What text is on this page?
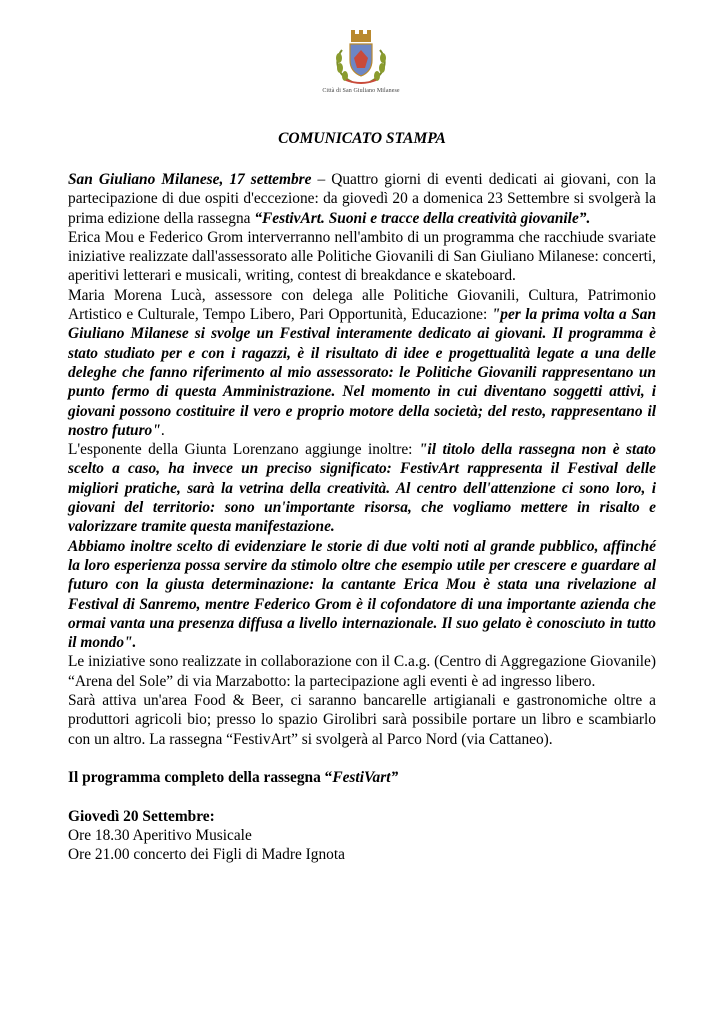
Città di San Giuliano Milanese
COMUNICATO STAMPA

San Giuliano Milanese, 17 settembre – Quattro giorni di eventi dedicati ai giovani, con la partecipazione di due ospiti d'eccezione: da giovedì 20 a domenica 23 Settembre si svolgerà la prima edizione della rassegna “FestivArt. Suoni e tracce della creatività giovanile”.

Erica Mou e Federico Grom interverranno nell'ambito di un programma che racchiude svariate iniziative realizzate dall'assessorato alle Politiche Giovanili di San Giuliano Milanese: concerti, aperitivi letterari e musicali, writing, contest di breakdance e skateboard.

Maria Morena Lucà, assessore con delega alle Politiche Giovanili, Cultura, Patrimonio Artistico e Culturale, Tempo Libero, Pari Opportunità, Educazione: "per la prima volta a San Giuliano Milanese si svolge un Festival interamente dedicato ai giovani. Il programma è stato studiato per e con i ragazzi, è il risultato di idee e progettualità legate a una delle deleghe che fanno riferimento al mio assessorato: le Politiche Giovanili rappresentano un punto fermo di questa Amministrazione. Nel momento in cui diventano soggetti attivi, i giovani possono costituire il vero e proprio motore della società; del resto, rappresentano il nostro futuro".

L'esponente della Giunta Lorenzano aggiunge inoltre: "il titolo della rassegna non è stato scelto a caso, ha invece un preciso significato: FestivArt rappresenta il Festival delle migliori pratiche, sarà la vetrina della creatività. Al centro dell'attenzione ci sono loro, i giovani del territorio: sono un'importante risorsa, che vogliamo mettere in risalto e valorizzare tramite questa manifestazione.

Abbiamo inoltre scelto di evidenziare le storie di due volti noti al grande pubblico, affinché la loro esperienza possa servire da stimolo oltre che esempio utile per crescere e guardare al futuro con la giusta determinazione: la cantante Erica Mou è stata una rivelazione al Festival di Sanremo, mentre Federico Grom è il cofondatore di una importante azienda che ormai vanta una presenza diffusa a livello internazionale. Il suo gelato è conosciuto in tutto il mondo".

Le iniziative sono realizzate in collaborazione con il C.a.g. (Centro di Aggregazione Giovanile) “Arena del Sole” di via Marzabotto: la partecipazione agli eventi è ad ingresso libero.

Sarà attiva un'area Food & Beer, ci saranno bancarelle artigianali e gastronomiche oltre a produttori agricoli bio; presso lo spazio Girolibri sarà possibile portare un libro e scambiarlo con un altro. La rassegna “FestivArt” si svolgerà al Parco Nord (via Cattaneo).

Il programma completo della rassegna “FestiVart”

Giovedì 20 Settembre:

Ore 18.30 Aperitivo Musicale

Ore 21.00 concerto dei Figli di Madre Ignota
